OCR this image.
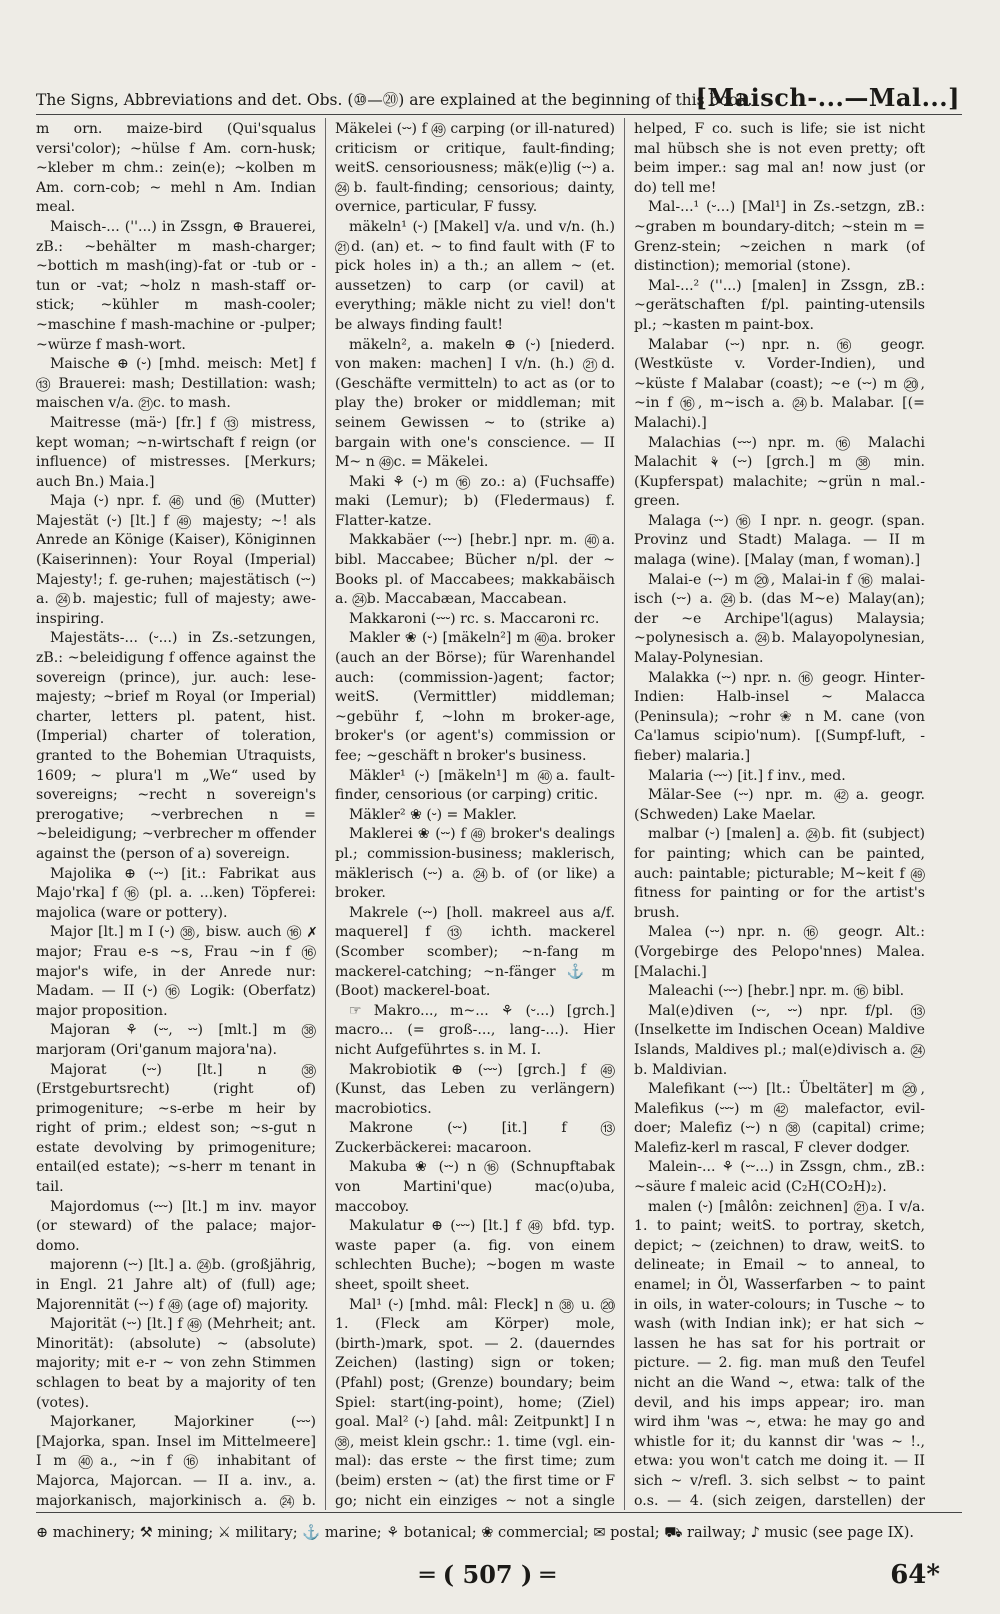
The Signs, Abbreviations and det. Obs. (⑩—⑳) are explained at the beginning of this book.
[Maisch-...—Mal...]

m orn. maize-bird (Qui'squalus versi'color); ~hülse f Am. corn-husk; ~kleber m chm.: zein(e); ~kolben m Am. corn-cob; ~ mehl n Am. Indian meal.

Maisch-... (''...) in Zssgn, ⊕ Brauerei, zB.: ~behälter m mash-charger; ~bottich m mash(ing)-fat or -tub or -tun or -vat; ~holz n mash-staff or-stick; ~kühler m mash-cooler; ~maschine f mash-machine or -pulper; ~würze f mash-wort.

Maische ⊕ (⏑) [mhd. meisch: Met] f ⑬ Brauerei: mash; Destillation: wash; maischen v/a. ㉑c. to mash.

Maitresse (mä⏑) [fr.] f ⑬ mistress, kept woman; ~n-wirtschaft f reign (or influence) of mistresses. [Merkurs; auch Bn.) Maia.]

Maja (⏑) npr. f. ㊻ und ⑯ (Mutter) Majestät (⏑) [lt.] f ㊾ majesty; ~! als Anrede an Könige (Kaiser), Königinnen (Kaiserinnen): Your Royal (Imperial) Majesty!; f. ge-ruhen; majestätisch (⏑⏑) a. ㉔b. majestic; full of majesty; awe-inspiring.

Majestäts-... (⏑...) in Zs.-setzungen, zB.: ~beleidigung f offence against the sovereign (prince), jur. auch: lese-majesty; ~brief m Royal (or Imperial) charter, letters pl. patent, hist. (Imperial) charter of toleration, granted to the Bohemian Utraquists, 1609; ~ plura'l m „We“ used by sovereigns; ~recht n sovereign's prerogative; ~verbrechen n = ~beleidigung; ~verbrecher m offender against the (person of a) sovereign.

Majolika ⊕ (⏑⏑) [it.: Fabrikat aus Majo'rka] f ⑯ (pl. a. ...ken) Töpferei: majolica (ware or pottery).

Major [lt.] m I (⏑) ㊳, bisw. auch ⑯ ✗ major; Frau e-s ~s, Frau ~in f ⑯ major's wife, in der Anrede nur: Madam. — II (⏑) ⑯ Logik: (Oberfatz) major proposition.

Majoran ⚘ (⏑⏑, ⏑⏑) [mlt.] m ㊳ marjoram (Ori'ganum majora'na).

Majorat (⏑⏑) [lt.] n ㊳ (Erstgeburtsrecht) (right of) primogeniture; ~s-erbe m heir by right of prim.; eldest son; ~s-gut n estate devolving by primogeniture; entail(ed estate); ~s-herr m tenant in tail.

Majordomus (⏑⏑⏑) [lt.] m inv. mayor (or steward) of the palace; major-domo.

majorenn (⏑⏑) [lt.] a. ㉔b. (großjährig, in Engl. 21 Jahre alt) of (full) age; Majorennität (⏑⏑) f ㊾ (age of) majority.

Majorität (⏑⏑) [lt.] f ㊾ (Mehrheit; ant. Minorität): (absolute) ~ (absolute) majority; mit e-r ~ von zehn Stimmen schlagen to beat by a majority of ten (votes).

Majorkaner, Majorkiner (⏑⏑⏑) [Majorka, span. Insel im Mittelmeere] I m ㊵a., ~in f ⑯ inhabitant of Majorca, Majorcan. — II a. inv., a. majorkanisch, majorkinisch a. ㉔b.

Mäkelei (⏑⏑) f ㊾ carping (or ill-natured) criticism or critique, fault-finding; weitS. censoriousness; mäk(e)lig (⏑⏑) a. ㉔b. fault-finding; censorious; dainty, overnice, particular, F fussy.

mäkeln¹ (⏑) [Makel] v/a. und v/n. (h.) ㉑d. (an) et. ~ to find fault with (F to pick holes in) a th.; an allem ~ (et. aussetzen) to carp (or cavil) at everything; mäkle nicht zu viel! don't be always finding fault!

mäkeln², a. makeln ⊕ (⏑) [niederd. von maken: machen] I v/n. (h.) ㉑d. (Geschäfte vermitteln) to act as (or to play the) broker or middleman; mit seinem Gewissen ~ to (strike a) bargain with one's conscience. — II M~ n ㊾c. = Mäkelei.

Maki ⚘ (⏑) m ⑯ zo.: a) (Fuchsaffe) maki (Lemur); b) (Fledermaus) f. Flatter-katze.

Makkabäer (⏑⏑⏑) [hebr.] npr. m. ㊵a. bibl. Maccabee; Bücher n/pl. der ~ Books pl. of Maccabees; makkabäisch a. ㉔b. Maccabæan, Maccabean.

Makkaroni (⏑⏑⏑) rc. s. Maccaroni rc.

Makler ❀ (⏑) [mäkeln²] m ㊵a. broker (auch an der Börse); für Warenhandel auch: (commission-)agent; factor; weitS. (Vermittler) middleman; ~gebühr f, ~lohn m broker-age, broker's (or agent's) commission or fee; ~geschäft n broker's business.

Mäkler¹ (⏑) [mäkeln¹] m ㊵a. fault-finder, censorious (or carping) critic.

Mäkler² ❀ (⏑) = Makler.

Maklerei ❀ (⏑⏑) f ㊾ broker's dealings pl.; commission-business; maklerisch, mäklerisch (⏑⏑) a. ㉔b. of (or like) a broker.

Makrele (⏑⏑) [holl. makreel aus a/f. maquerel] f ⑬ ichth. mackerel (Scomber scomber); ~n-fang m mackerel-catching; ~n-fänger ⚓ m (Boot) mackerel-boat.

☞ Makro..., m~... ⚘ (⏑...) [grch.] macro... (= groß-..., lang-...). Hier nicht Aufgeführtes s. in M. I.

Makrobiotik ⊕ (⏑⏑⏑) [grch.] f ㊾ (Kunst, das Leben zu verlängern) macrobiotics.

Makrone (⏑⏑) [it.] f ⑬ Zuckerbäckerei: macaroon.

Makuba ❀ (⏑⏑) n ⑯ (Schnupftabak von Martini'que) mac(o)uba, maccoboy.

Makulatur ⊕ (⏑⏑⏑) [lt.] f ㊾ bfd. typ. waste paper (a. fig. von einem schlechten Buche); ~bogen m waste sheet, spoilt sheet.

Mal¹ (⏑) [mhd. mâl: Fleck] n ㊳ u. ⑳ 1. (Fleck am Körper) mole, (birth-)mark, spot. — 2. (dauerndes Zeichen) (lasting) sign or token; (Pfahl) post; (Grenze) boundary; beim Spiel: start(ing-point), home; (Ziel) goal. Mal² (⏑) [ahd. mâl: Zeitpunkt] I n ㊳, meist klein gschr.: 1. time (vgl. ein-mal): das erste ~ the first time; zum (beim) ersten ~ (at) the first time or F go; nicht ein einziges ~ not a single

helped, F co. such is life; sie ist nicht mal hübsch she is not even pretty; oft beim imper.: sag mal an! now just (or do) tell me!

Mal-...¹ (⏑...) [Mal¹] in Zs.-setzgn, zB.: ~graben m boundary-ditch; ~stein m = Grenz-stein; ~zeichen n mark (of distinction); memorial (stone).

Mal-...² (''...) [malen] in Zssgn, zB.: ~gerätschaften f/pl. painting-utensils pl.; ~kasten m paint-box.

Malabar (⏑⏑) npr. n. ⑯ geogr. (Westküste v. Vorder-Indien), und ~küste f Malabar (coast); ~e (⏑⏑) m ⑳, ~in f ⑯, m~isch a. ㉔b. Malabar. [(= Malachi).]

Malachias (⏑⏑⏑) npr. m. ⑯ Malachi Malachit ⚘ (⏑⏑) [grch.] m ㊳ min. (Kupferspat) malachite; ~grün n mal.-green.

Malaga (⏑⏑) ⑯ I npr. n. geogr. (span. Provinz und Stadt) Malaga. — II m malaga (wine). [Malay (man, f woman).]

Malai-e (⏑⏑) m ⑳, Malai-in f ⑯ malai-isch (⏑⏑) a. ㉔b. (das M~e) Malay(an); der ~e Archipe'l(agus) Malaysia; ~polynesisch a. ㉔b. Malayopolynesian, Malay-Polynesian.

Malakka (⏑⏑) npr. n. ⑯ geogr. Hinter-Indien: Halb-insel ~ Malacca (Peninsula); ~rohr ❀ n M. cane (von Ca'lamus scipio'num). [(Sumpf-luft, -fieber) malaria.]

Malaria (⏑⏑⏑) [it.] f inv., med.

Mälar-See (⏑⏑) npr. m. ㊷a. geogr. (Schweden) Lake Maelar.

malbar (⏑) [malen] a. ㉔b. fit (subject) for painting; which can be painted, auch: paintable; picturable; M~keit f ㊾ fitness for painting or for the artist's brush.

Malea (⏑⏑) npr. n. ⑯ geogr. Alt.: (Vorgebirge des Pelopo'nnes) Malea. [Malachi.]

Maleachi (⏑⏑⏑) [hebr.] npr. m. ⑯ bibl.

Mal(e)diven (⏑⏑, ⏑⏑) npr. f/pl. ⑬ (Inselkette im Indischen Ocean) Maldive Islands, Maldives pl.; mal(e)divisch a. ㉔b. Maldivian.

Malefikant (⏑⏑⏑) [lt.: Übeltäter] m ⑳, Malefikus (⏑⏑⏑) m ㊷ malefactor, evil-doer; Malefiz (⏑⏑) n ㊳ (capital) crime; Malefiz-kerl m rascal, F clever dodger.

Malein-... ⚘ (⏑⏑...) in Zssgn, chm., zB.: ~säure f maleic acid (C₂H(CO₂H)₂).

malen (⏑) [mâlôn: zeichnen] ㉑a. I v/a. 1. to paint; weitS. to portray, sketch, depict; ~ (zeichnen) to draw, weitS. to delineate; in Email ~ to anneal, to enamel; in Öl, Wasserfarben ~ to paint in oils, in water-colours; in Tusche ~ to wash (with Indian ink); er hat sich ~ lassen he has sat for his portrait or picture. — 2. fig. man muß den Teufel nicht an die Wand ~, etwa: talk of the devil, and his imps appear; iro. man wird ihm 'was ~, etwa: he may go and whistle for it; du kannst dir 'was ~ !., etwa: you won't catch me doing it. — II sich ~ v/refl. 3. sich selbst ~ to paint o.s. — 4. (sich zeigen, darstellen) der

⊕ machinery; ⚒ mining; ⚔ military; ⚓ marine; ⚘ botanical; ❀ commercial; ✉ postal; ⛟ railway; ♪ music (see page IX).
═ ( 507 ) ═	64*
